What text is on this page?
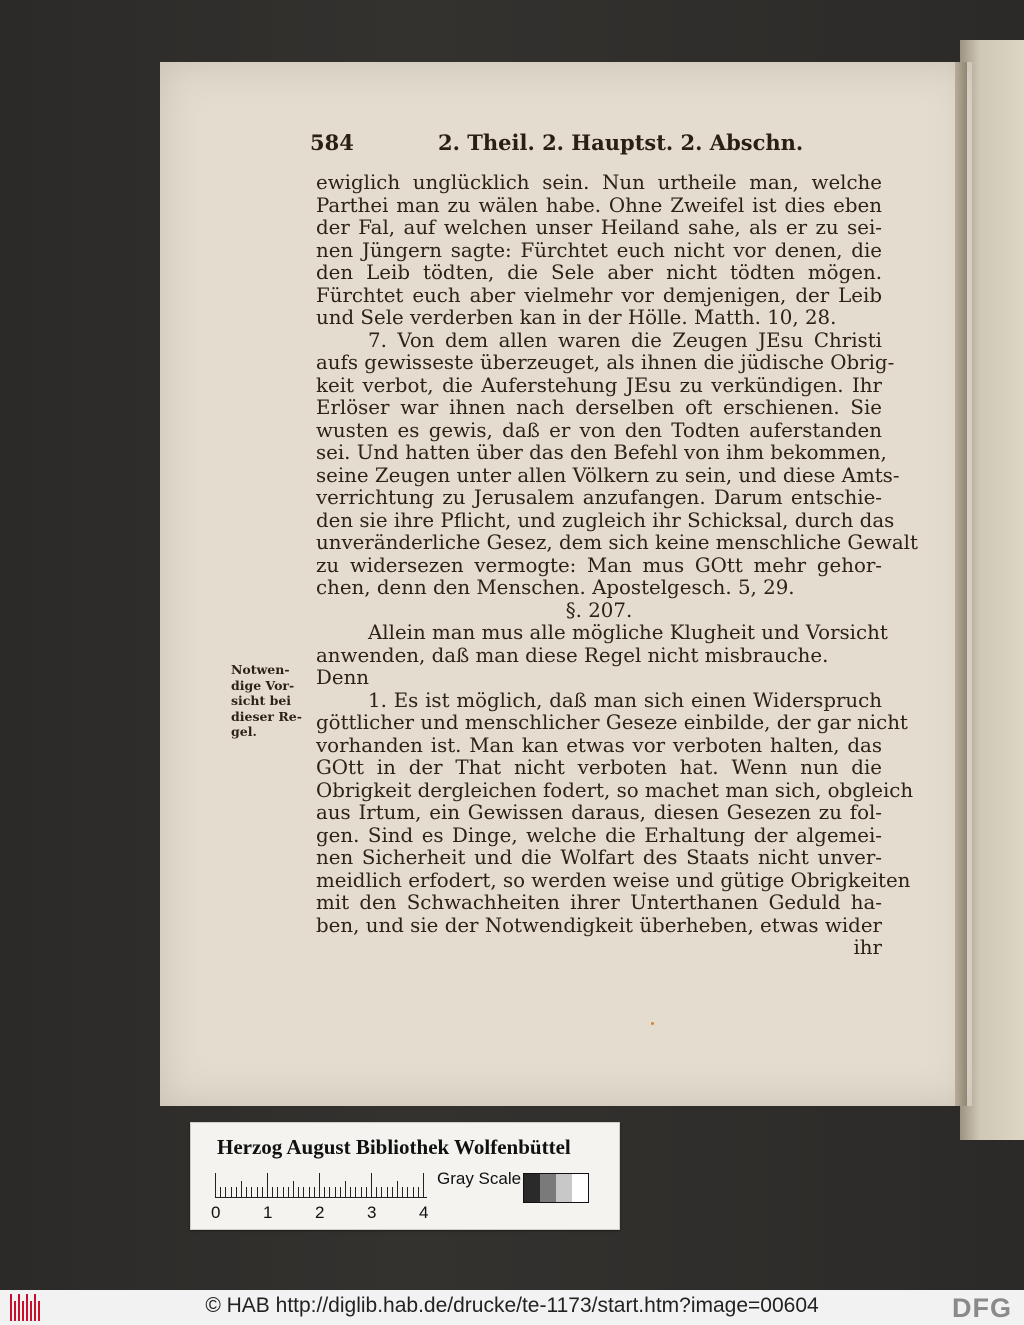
584	2. Theil. 2. Hauptst. 2. Abschn.
ewiglich unglücklich sein. Nun urtheile man, welche
Parthei man zu wälen habe. Ohne Zweifel ist dies eben
der Fal, auf welchen unser Heiland sahe, als er zu sei-
nen Jüngern sagte: Fürchtet euch nicht vor denen, die
den Leib tödten, die Sele aber nicht tödten mögen.
Fürchtet euch aber vielmehr vor demjenigen, der Leib
und Sele verderben kan in der Hölle. Matth. 10, 28.
7. Von dem allen waren die Zeugen JEsu Christi
aufs gewisseste überzeuget, als ihnen die jüdische Obrig-
keit verbot, die Auferstehung JEsu zu verkündigen. Ihr
Erlöser war ihnen nach derselben oft erschienen. Sie
wusten es gewis, daß er von den Todten auferstanden
sei. Und hatten über das den Befehl von ihm bekommen,
seine Zeugen unter allen Völkern zu sein, und diese Amts-
verrichtung zu Jerusalem anzufangen. Darum entschie-
den sie ihre Pflicht, und zugleich ihr Schicksal, durch das
unveränderliche Gesez, dem sich keine menschliche Gewalt
zu widersezen vermogte: Man mus GOtt mehr gehor-
chen, denn den Menschen. Apostelgesch. 5, 29.
§. 207.
Allein man mus alle mögliche Klugheit und Vorsicht
anwenden, daß man diese Regel nicht misbrauche.
Denn
1. Es ist möglich, daß man sich einen Widerspruch
göttlicher und menschlicher Geseze einbilde, der gar nicht
vorhanden ist. Man kan etwas vor verboten halten, das
GOtt in der That nicht verboten hat. Wenn nun die
Obrigkeit dergleichen fodert, so machet man sich, obgleich
aus Irtum, ein Gewissen daraus, diesen Gesezen zu fol-
gen. Sind es Dinge, welche die Erhaltung der algemei-
nen Sicherheit und die Wolfart des Staats nicht unver-
meidlich erfodert, so werden weise und gütige Obrigkeiten
mit den Schwachheiten ihrer Unterthanen Geduld ha-
ben, und sie der Notwendigkeit überheben, etwas wider
ihr
Notwen-
dige Vor-
sicht bei
dieser Re-
gel.
Herzog August Bibliothek Wolfenbüttel
0	1	2	3	4
Gray Scale
© HAB http://diglib.hab.de/drucke/te-1173/start.htm?image=00604	DFG
